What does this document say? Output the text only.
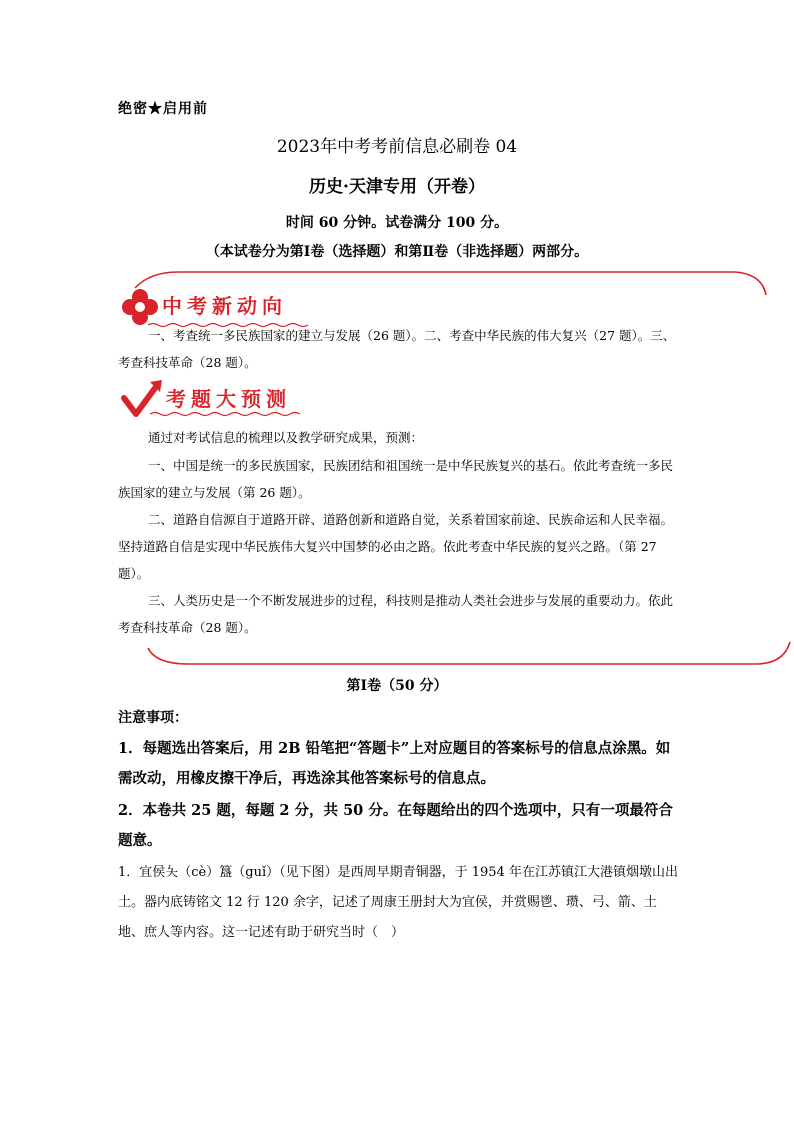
绝密★启用前
2023年中考考前信息必刷卷 04
历史·天津专用（开卷）
时间 60 分钟。试卷满分 100 分。
（本试卷分为第Ⅰ卷（选择题）和第Ⅱ卷（非选择题）两部分。
中考新动向
考题大预测
一、考查统一多民族国家的建立与发展（26 题）。二、考查中华民族的伟大复兴（27 题）。三、考查科技革命（28 题）。
通过对考试信息的梳理以及教学研究成果，预测：
一、中国是统一的多民族国家，民族团结和祖国统一是中华民族复兴的基石。依此考查统一多民族国家的建立与发展（第 26 题）。
二、道路自信源自于道路开辟、道路创新和道路自觉，关系着国家前途、民族命运和人民幸福。坚持道路自信是实现中华民族伟大复兴中国梦的必由之路。依此考查中华民族的复兴之路。（第 27 题）。
三、人类历史是一个不断发展进步的过程，科技则是推动人类社会进步与发展的重要动力。依此考查科技革命（28 题）。
第Ⅰ卷（50 分）
注意事项：
1．每题选出答案后，用 2B 铅笔把“答题卡”上对应题目的答案标号的信息点涂黑。如需改动，用橡皮擦干净后，再选涂其他答案标号的信息点。
2．本卷共 25 题，每题 2 分，共 50 分。在每题给出的四个选项中，只有一项最符合题意。
1．宜侯夨（cè）簋（guǐ）（见下图）是西周早期青铜器，于 1954 年在江苏镇江大港镇烟墩山出土。器内底铸铭文 12 行 120 余字，记述了周康王册封大为宜侯，并赏赐鬯、瓒、弓、箭、土地、庶人等内容。这一记述有助于研究当时（　）
